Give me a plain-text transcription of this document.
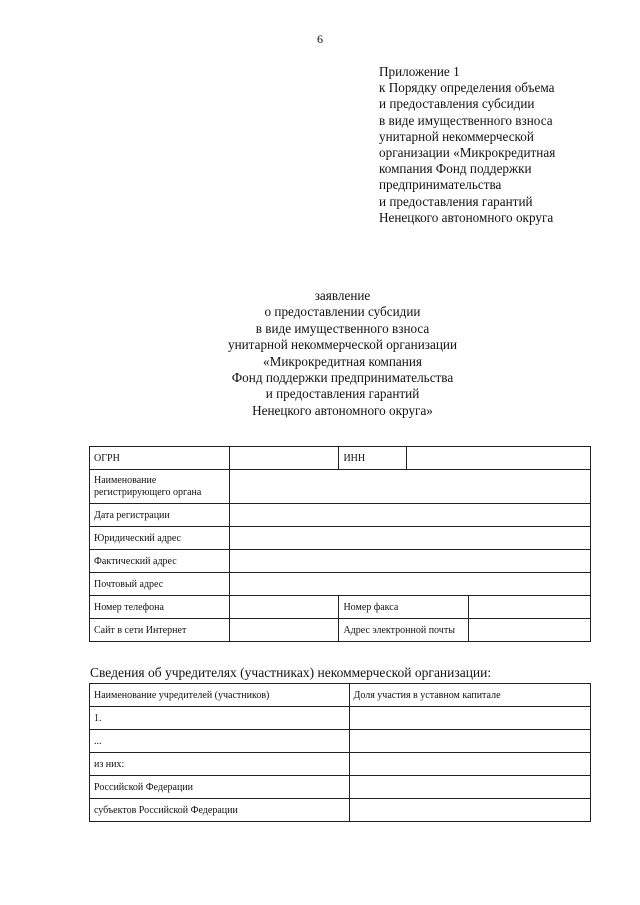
6
Приложение 1
к Порядку определения объема
и предоставления субсидии
в виде имущественного взноса
унитарной некоммерческой
организации «Микрокредитная
компания Фонд поддержки
предпринимательства
и предоставления гарантий
Ненецкого автономного округа
заявление
о предоставлении субсидии
в виде имущественного взноса
унитарной некоммерческой организации
«Микрокредитная компания
Фонд поддержки предпринимательства
и предоставления гарантий
Ненецкого автономного округа»
ОГРН		ИНН		
Наименование
регистрирующего органа				
Дата регистрации				
Юридический адрес				
Фактический адрес				
Почтовый адрес				
Номер телефона		Номер факса		
Сайт в сети Интернет		Адрес электронной почты		
Сведения об учредителях (участниках) некоммерческой организации:
Наименование учредителей (участников)	Доля участия в уставном капитале
1.	
...	
из них:	
Российской Федерации	
субъектов Российской Федерации	
